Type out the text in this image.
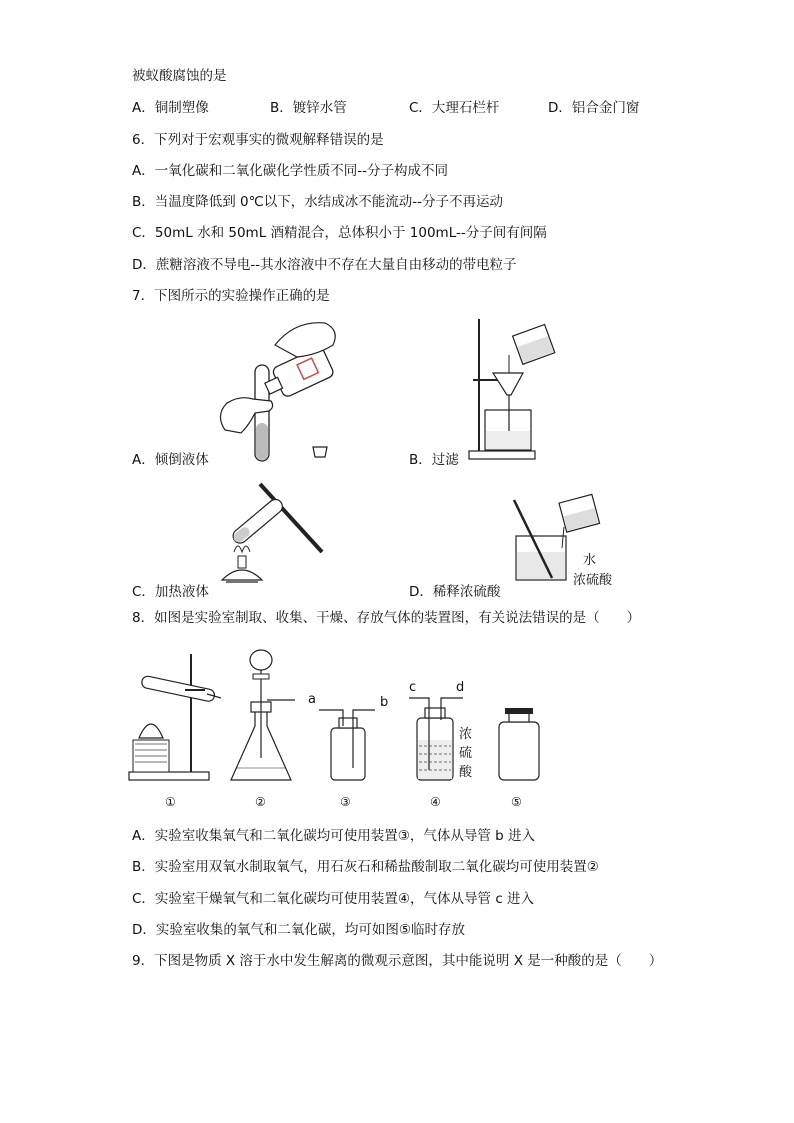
被蚁酸腐蚀的是
A．铜制塑像	B．镀锌水管	C．大理石栏杆	D．铝合金门窗
6．下列对于宏观事实的微观解释错误的是
A．一氧化碳和二氧化碳化学性质不同--分子构成不同
B．当温度降低到 0℃以下，水结成冰不能流动--分子不再运动
C．50mL 水和 50mL 酒精混合，总体积小于 100mL--分子间有间隔
D．蔗糖溶液不导电--其水溶液中不存在大量自由移动的带电粒子
7．下图所示的实验操作正确的是
A．倾倒液体	B．过滤
C．加热液体
水
浓硫酸
D．稀释浓硫酸
8．如图是实验室制取、收集、干燥、存放气体的装置图，有关说法错误的是（　　）
a	b
c	d
浓
硫
酸
①	②	③	④	⑤
A．实验室收集氧气和二氧化碳均可使用装置③，气体从导管 b 进入
B．实验室用双氧水制取氧气，用石灰石和稀盐酸制取二氧化碳均可使用装置②
C．实验室干燥氧气和二氧化碳均可使用装置④，气体从导管 c 进入
D．实验室收集的氧气和二氧化碳，均可如图⑤临时存放
9．下图是物质 X 溶于水中发生解离的微观示意图，其中能说明 X 是一种酸的是（　　）
